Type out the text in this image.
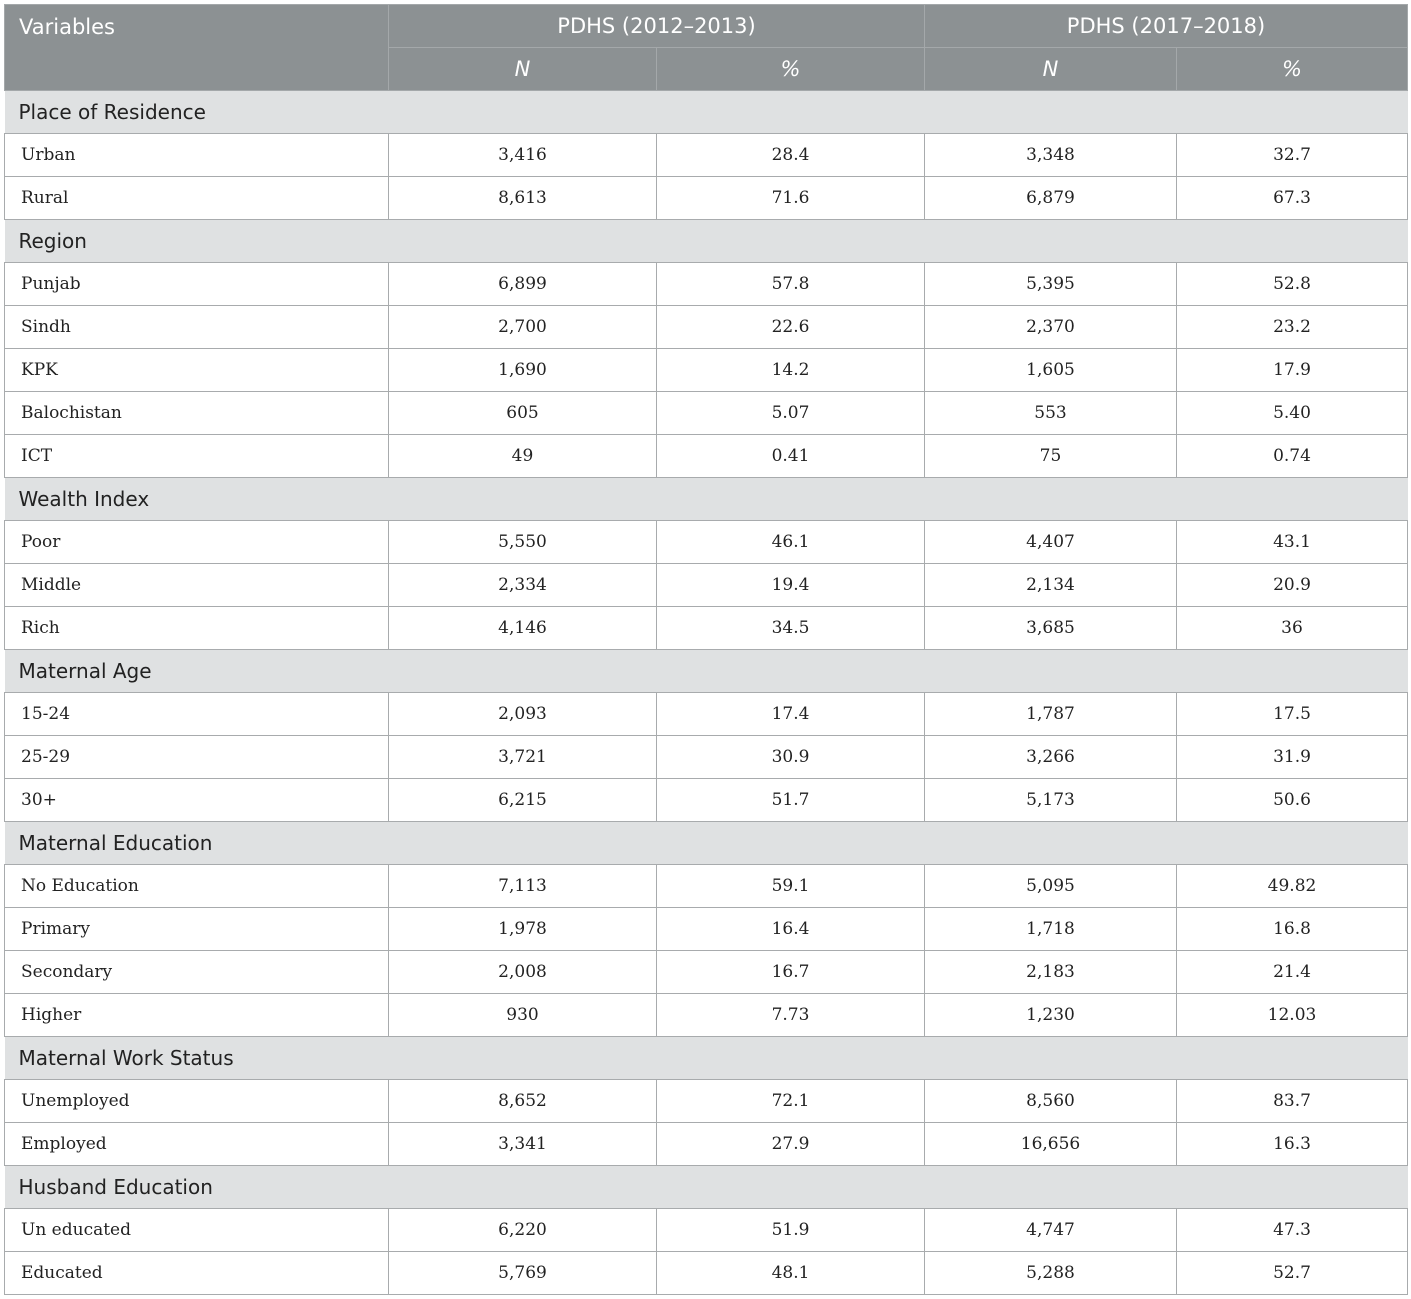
Variables	PDHS (2012–2013)		PDHS (2017–2018)	
	N	%	N	%
Place of Residence				
Urban	3,416	28.4	3,348	32.7
Rural	8,613	71.6	6,879	67.3
Region				
Punjab	6,899	57.8	5,395	52.8
Sindh	2,700	22.6	2,370	23.2
KPK	1,690	14.2	1,605	17.9
Balochistan	605	5.07	553	5.40
ICT	49	0.41	75	0.74
Wealth Index				
Poor	5,550	46.1	4,407	43.1
Middle	2,334	19.4	2,134	20.9
Rich	4,146	34.5	3,685	36
Maternal Age				
15-24	2,093	17.4	1,787	17.5
25-29	3,721	30.9	3,266	31.9
30+	6,215	51.7	5,173	50.6
Maternal Education				
No Education	7,113	59.1	5,095	49.82
Primary	1,978	16.4	1,718	16.8
Secondary	2,008	16.7	2,183	21.4
Higher	930	7.73	1,230	12.03
Maternal Work Status				
Unemployed	8,652	72.1	8,560	83.7
Employed	3,341	27.9	16,656	16.3
Husband Education				
Un educated	6,220	51.9	4,747	47.3
Educated	5,769	48.1	5,288	52.7
